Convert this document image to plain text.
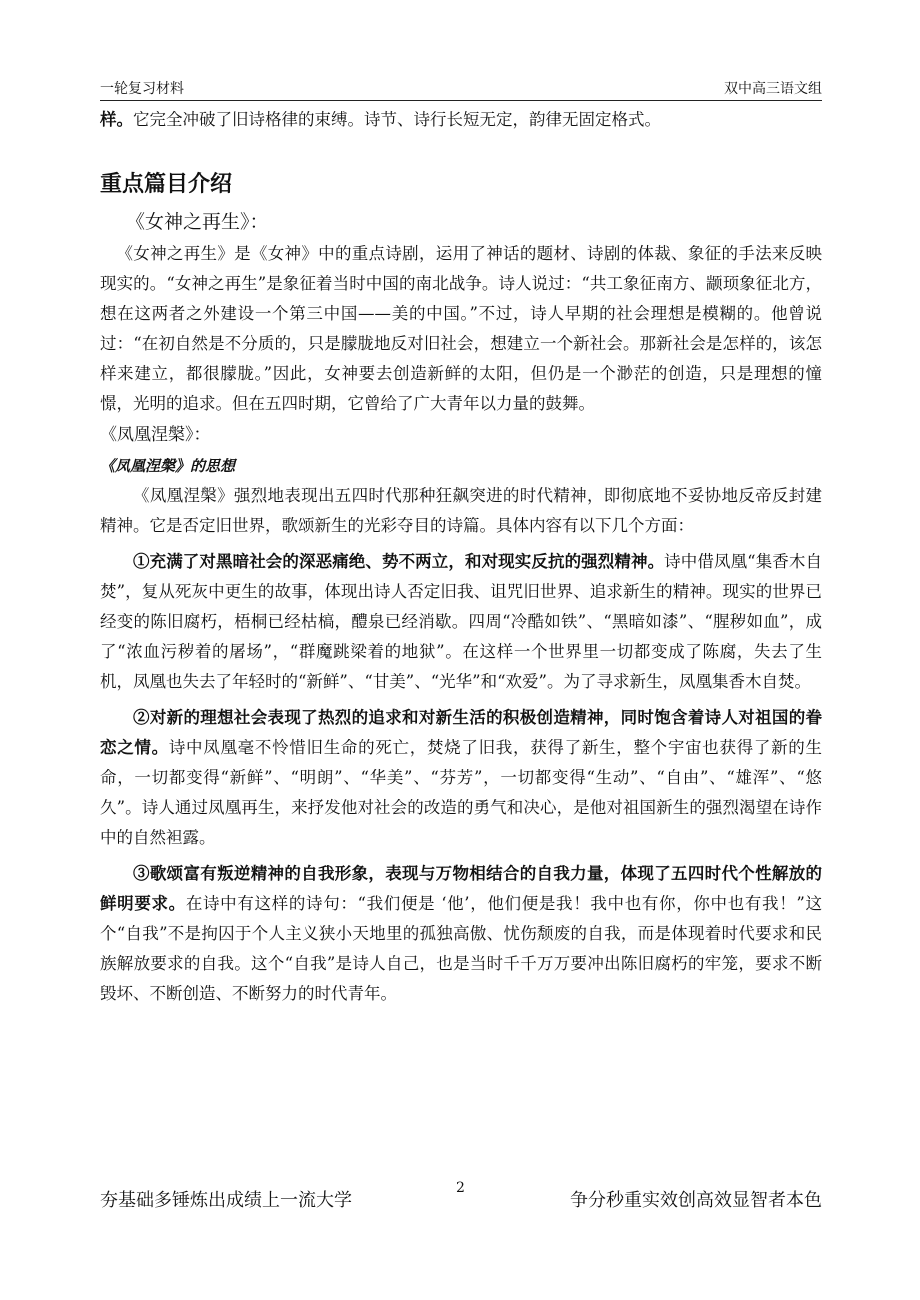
一轮复习材料	双中高三语文组

样。它完全冲破了旧诗格律的束缚。诗节、诗行长短无定，韵律无固定格式。

重点篇目介绍
《女神之再生》：

《女神之再生》是《女神》中的重点诗剧，运用了神话的题材、诗剧的体裁、象征的手法来反映现实的。“女神之再生”是象征着当时中国的南北战争。诗人说过：“共工象征南方、颛顼象征北方，想在这两者之外建设一个第三中国——美的中国。”不过，诗人早期的社会理想是模糊的。他曾说过：“在初自然是不分质的，只是朦胧地反对旧社会，想建立一个新社会。那新社会是怎样的，该怎样来建立，都很朦胧。”因此，女神要去创造新鲜的太阳，但仍是一个渺茫的创造，只是理想的憧憬，光明的追求。但在五四时期，它曾给了广大青年以力量的鼓舞。

《凤凰涅槃》：
《凤凰涅槃》的思想

《凤凰涅槃》强烈地表现出五四时代那种狂飙突进的时代精神，即彻底地不妥协地反帝反封建精神。它是否定旧世界，歌颂新生的光彩夺目的诗篇。具体内容有以下几个方面：

①充满了对黑暗社会的深恶痛绝、势不两立，和对现实反抗的强烈精神。诗中借凤凰“集香木自焚”，复从死灰中更生的故事，体现出诗人否定旧我、诅咒旧世界、追求新生的精神。现实的世界已经变的陈旧腐朽，梧桐已经枯槁，醴泉已经消歇。四周“冷酷如铁”、“黑暗如漆”、“腥秽如血”，成了“浓血污秽着的屠场”，“群魔跳梁着的地狱”。在这样一个世界里一切都变成了陈腐，失去了生机，凤凰也失去了年轻时的“新鲜”、“甘美”、“光华”和“欢爱”。为了寻求新生，凤凰集香木自焚。

②对新的理想社会表现了热烈的追求和对新生活的积极创造精神，同时饱含着诗人对祖国的眷恋之情。诗中凤凰毫不怜惜旧生命的死亡，焚烧了旧我，获得了新生，整个宇宙也获得了新的生命，一切都变得“新鲜”、“明朗”、“华美”、“芬芳”，一切都变得“生动”、“自由”、“雄浑”、“悠久”。诗人通过凤凰再生，来抒发他对社会的改造的勇气和决心，是他对祖国新生的强烈渴望在诗作中的自然袒露。

③歌颂富有叛逆精神的自我形象，表现与万物相结合的自我力量，体现了五四时代个性解放的鲜明要求。在诗中有这样的诗句：“我们便是 ‘他’，他们便是我！我中也有你，你中也有我！”这个“自我”不是拘囚于个人主义狭小天地里的孤独高傲、忧伤颓废的自我，而是体现着时代要求和民族解放要求的自我。这个“自我”是诗人自己，也是当时千千万万要冲出陈旧腐朽的牢笼，要求不断毁坏、不断创造、不断努力的时代青年。

夯基础多锤炼出成绩上一流大学
2
争分秒重实效创高效显智者本色
